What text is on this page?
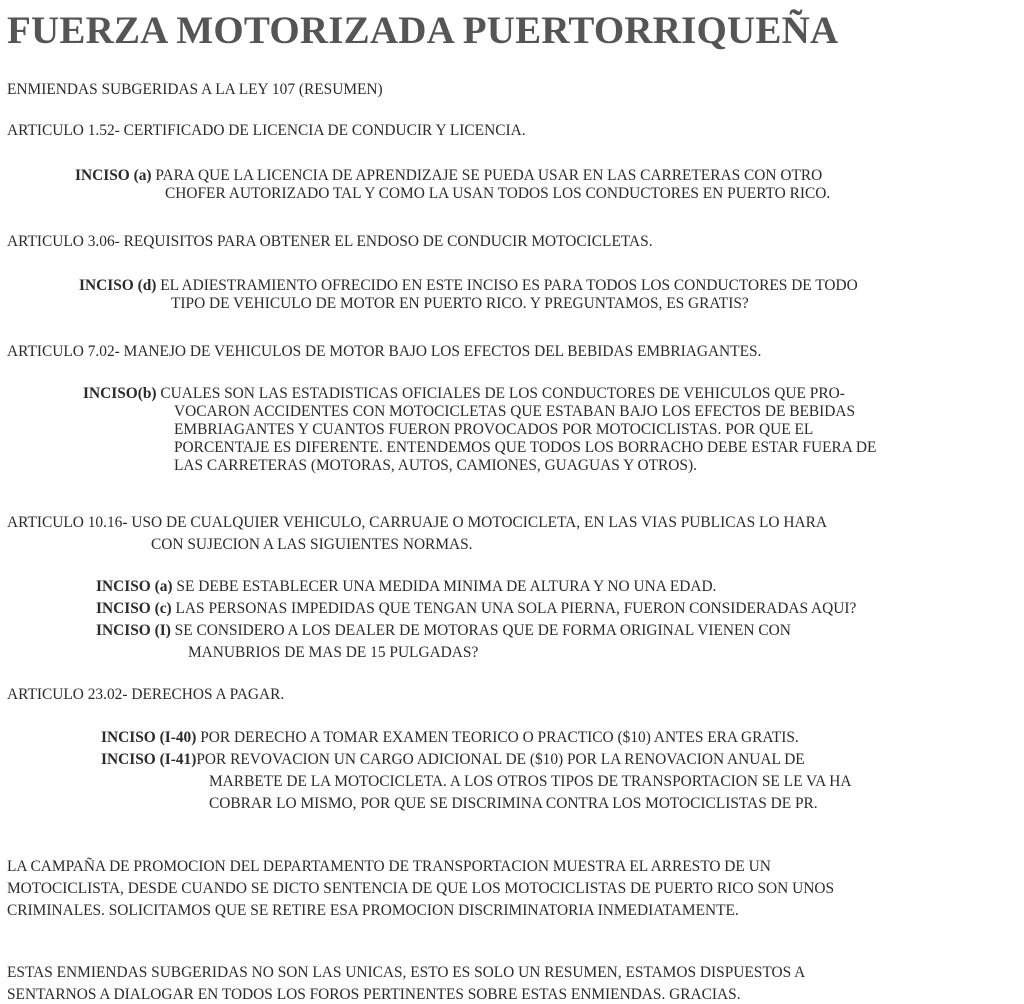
FUERZA MOTORIZADA PUERTORRIQUEÑA
ENMIENDAS SUBGERIDAS A LA LEY 107 (RESUMEN)
ARTICULO 1.52- CERTIFICADO DE LICENCIA DE CONDUCIR Y LICENCIA.
INCISO (a) PARA QUE LA LICENCIA DE APRENDIZAJE SE PUEDA USAR EN LAS CARRETERAS CON OTRO
CHOFER AUTORIZADO TAL Y COMO LA USAN TODOS LOS CONDUCTORES EN PUERTO RICO.
ARTICULO 3.06- REQUISITOS PARA OBTENER EL ENDOSO DE CONDUCIR MOTOCICLETAS.
INCISO (d) EL ADIESTRAMIENTO OFRECIDO EN ESTE INCISO ES PARA TODOS LOS CONDUCTORES DE TODO
TIPO DE VEHICULO DE MOTOR EN PUERTO RICO. Y PREGUNTAMOS, ES GRATIS?
ARTICULO 7.02- MANEJO DE VEHICULOS DE MOTOR BAJO LOS EFECTOS DEL BEBIDAS EMBRIAGANTES.
INCISO(b) CUALES SON LAS ESTADISTICAS OFICIALES DE LOS CONDUCTORES DE VEHICULOS QUE PRO-
VOCARON ACCIDENTES CON MOTOCICLETAS QUE ESTABAN BAJO LOS EFECTOS DE BEBIDAS
EMBRIAGANTES Y CUANTOS FUERON PROVOCADOS POR MOTOCICLISTAS. POR QUE EL
PORCENTAJE ES DIFERENTE. ENTENDEMOS QUE TODOS LOS BORRACHO DEBE ESTAR FUERA DE
LAS CARRETERAS (MOTORAS, AUTOS, CAMIONES, GUAGUAS Y OTROS).
ARTICULO 10.16- USO DE CUALQUIER VEHICULO, CARRUAJE O MOTOCICLETA, EN LAS VIAS PUBLICAS LO HARA
CON SUJECION A LAS SIGUIENTES NORMAS.
INCISO (a) SE DEBE ESTABLECER UNA MEDIDA MINIMA DE ALTURA Y NO UNA EDAD.
INCISO (c) LAS PERSONAS IMPEDIDAS QUE TENGAN UNA SOLA PIERNA, FUERON CONSIDERADAS AQUI?
INCISO (I) SE CONSIDERO A LOS DEALER DE MOTORAS QUE DE FORMA ORIGINAL VIENEN CON
MANUBRIOS DE MAS DE 15 PULGADAS?
ARTICULO 23.02- DERECHOS A PAGAR.
INCISO (I-40) POR DERECHO A TOMAR EXAMEN TEORICO O PRACTICO ($10) ANTES ERA GRATIS.
INCISO (I-41)POR REVOVACION UN CARGO ADICIONAL DE ($10) POR LA RENOVACION ANUAL DE
MARBETE DE LA MOTOCICLETA. A LOS OTROS TIPOS DE TRANSPORTACION SE LE VA HA
COBRAR LO MISMO, POR QUE SE DISCRIMINA CONTRA LOS MOTOCICLISTAS DE PR.
LA CAMPAÑA DE PROMOCION DEL DEPARTAMENTO DE TRANSPORTACION MUESTRA EL ARRESTO DE UN
MOTOCICLISTA, DESDE CUANDO SE DICTO SENTENCIA DE QUE LOS MOTOCICLISTAS DE PUERTO RICO SON UNOS
CRIMINALES. SOLICITAMOS QUE SE RETIRE ESA PROMOCION DISCRIMINATORIA INMEDIATAMENTE.
ESTAS ENMIENDAS SUBGERIDAS NO SON LAS UNICAS, ESTO ES SOLO UN RESUMEN, ESTAMOS DISPUESTOS A
SENTARNOS A DIALOGAR EN TODOS LOS FOROS PERTINENTES SOBRE ESTAS ENMIENDAS. GRACIAS.
